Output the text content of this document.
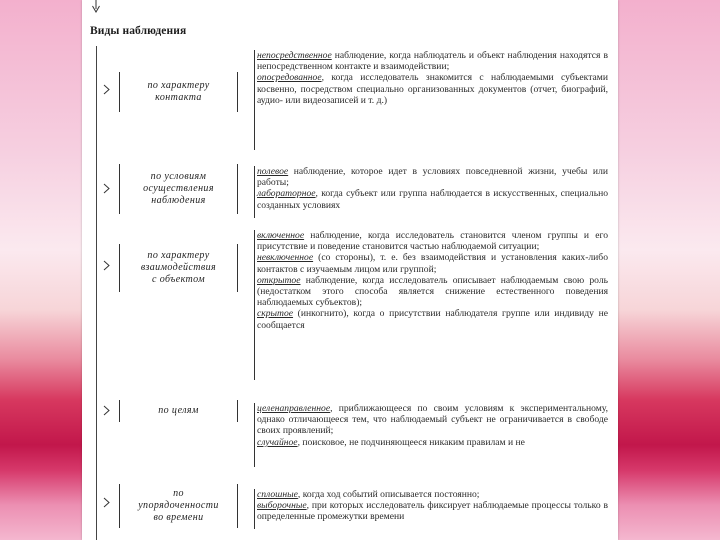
Виды наблюдения
по характеру
контакта

непосредственное наблюдение, когда наблюдатель и объект наблюдения находятся в непосредственном контакте и взаимодействии;

опосредованное, когда исследователь знакомится с наблюдаемыми субъектами косвенно, посредством специально организованных документов (отчет, биографий, аудио- или видеозаписей и т. д.)

по условиям
осуществления
наблюдения

полевое наблюдение, которое идет в условиях повседневной жизни, учебы или работы;

лабораторное, когда субъект или группа наблюдается в искусственных, специально созданных условиях

по характеру
взаимодействия
с объектом

включенное наблюдение, когда исследователь становится членом группы и его присутствие и поведение становится частью наблюдаемой ситуации;

невключенное (со стороны), т. е. без взаимодействия и установления каких-либо контактов с изучаемым лицом или группой;

открытое наблюдение, когда исследователь описывает наблюдаемым свою роль (недостатком этого способа является снижение естественного поведения наблюдаемых субъектов);

скрытое (инкогнито), когда о присутствии наблюдателя группе или индивиду не сообщается

по целям	целенаправленное, приближающееся по своим условиям к экспериментальному, однако отличающееся тем, что наблюдаемый субъект не ограничивается в свободе своих проявлений;

случайное, поисковое, не подчиняющееся никаким правилам и не

по
упорядоченности
во времени

сплошные, когда ход событий описывается постоянно;

выборочные, при которых исследователь фиксирует наблюдаемые процессы только в определенные промежутки времени
